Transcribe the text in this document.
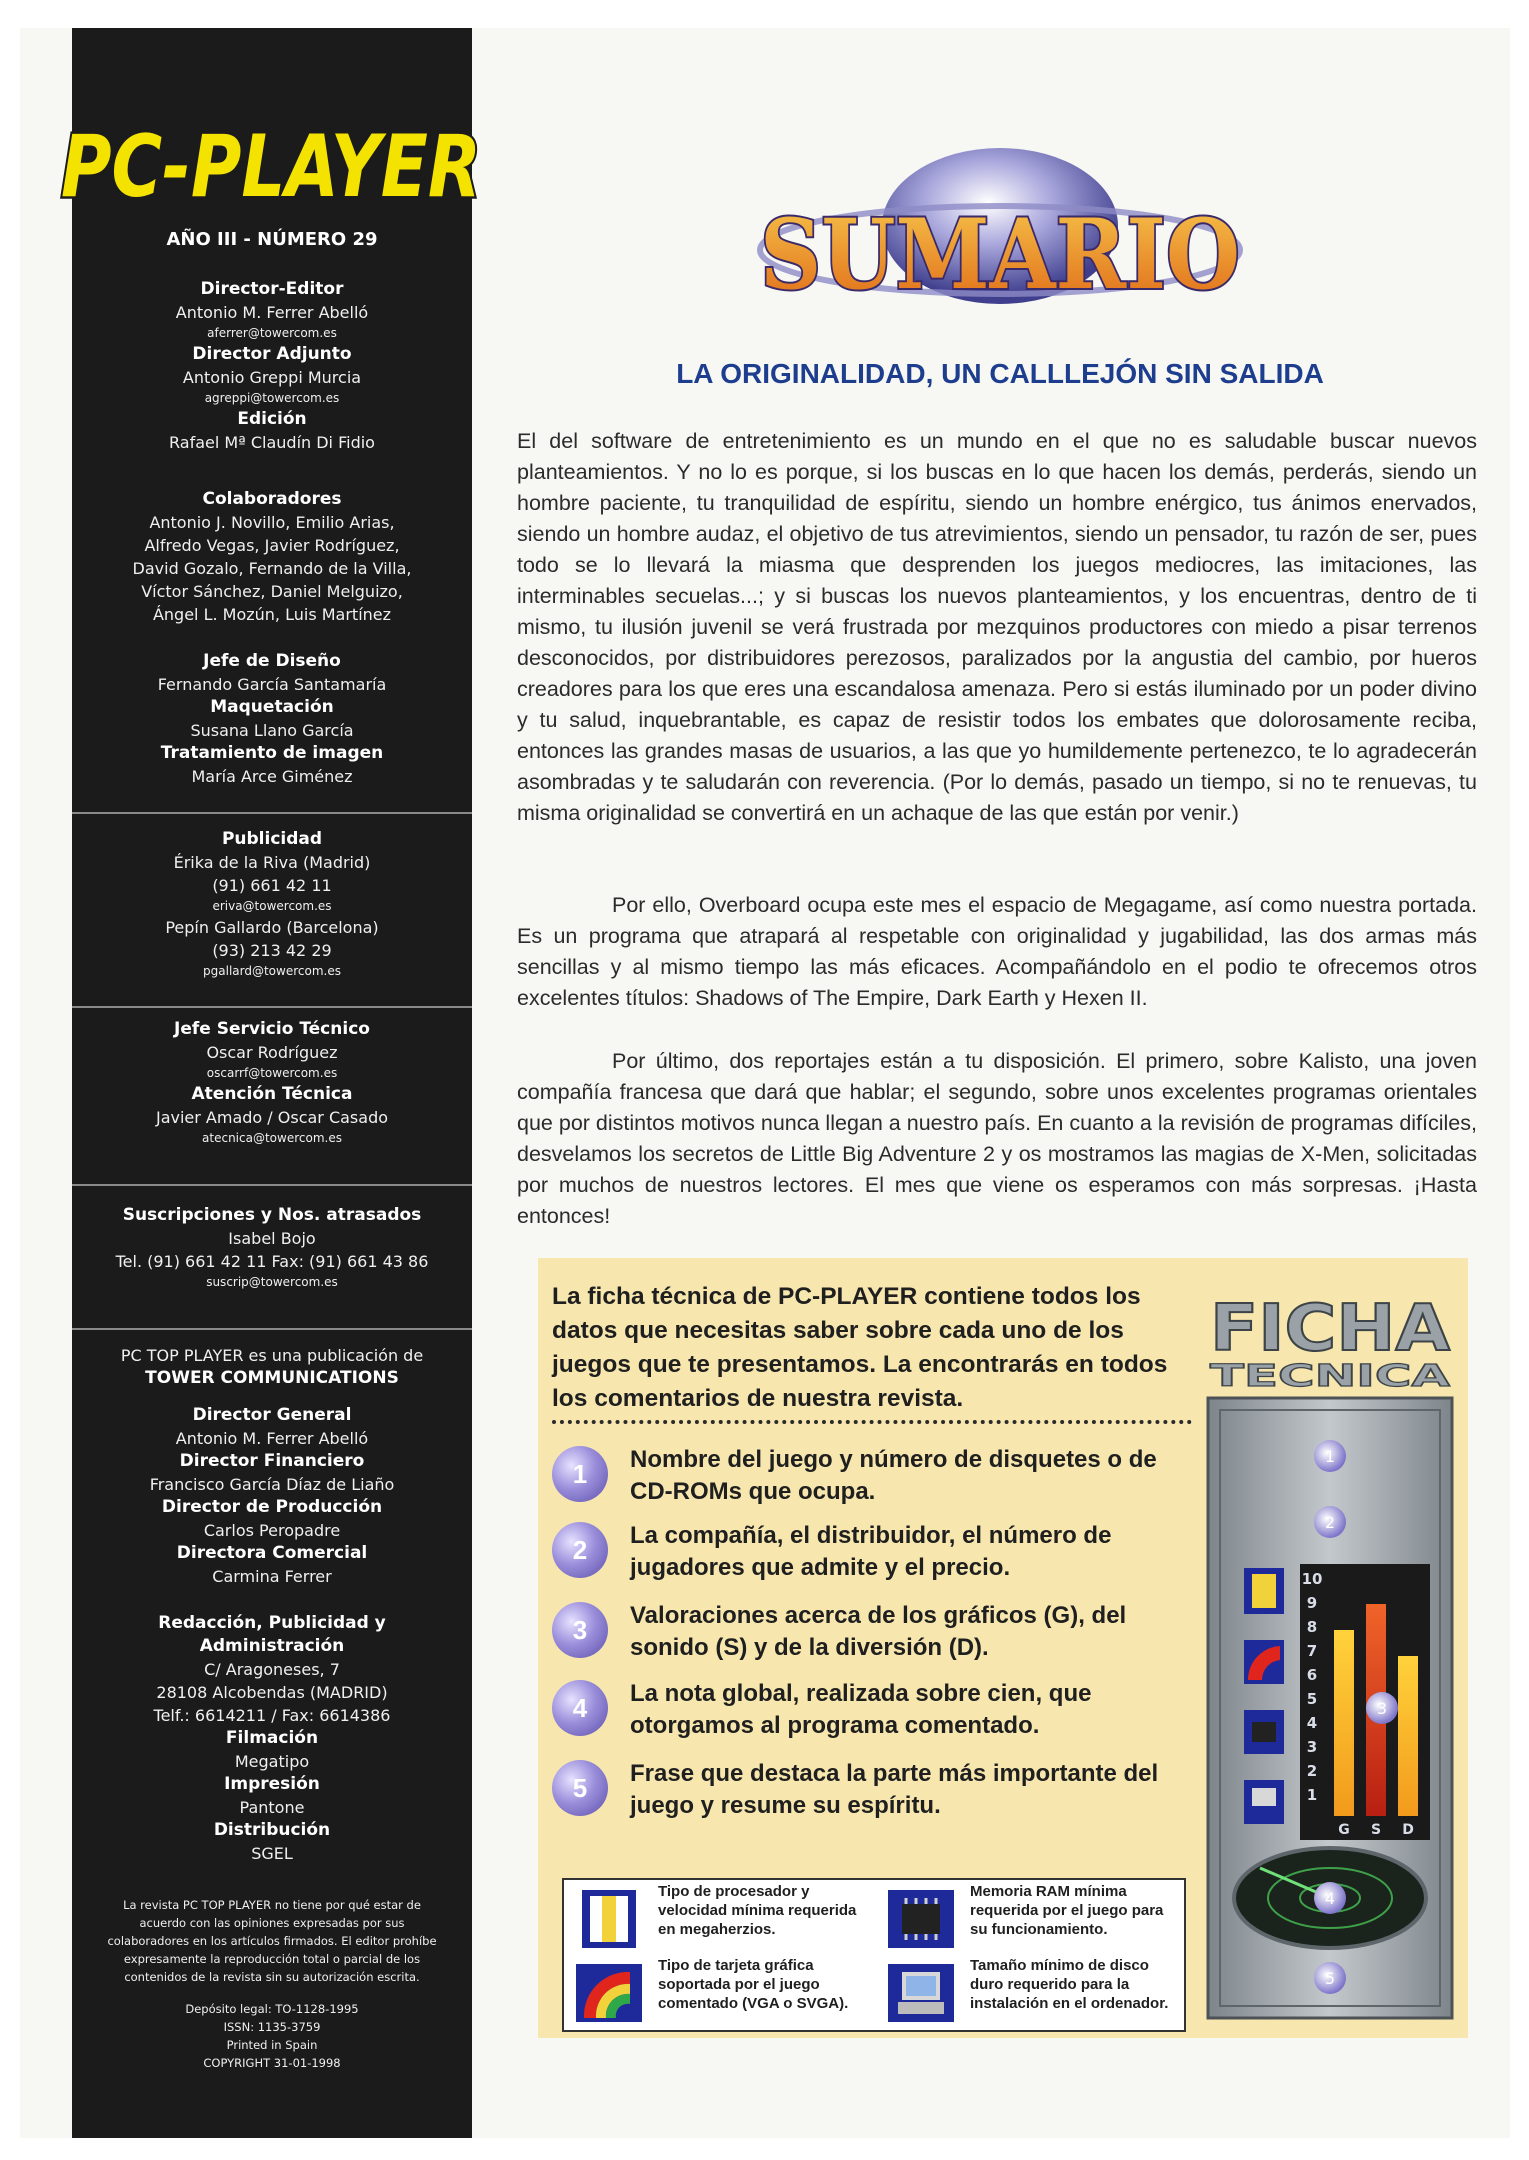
PC-PLAYER

AÑO III - NÚMERO 29

Director-Editor

Antonio M. Ferrer Abelló

aferrer@towercom.es

Director Adjunto

Antonio Greppi Murcia

agreppi@towercom.es

Edición

Rafael Mª Claudín Di Fidio

Colaboradores

Antonio J. Novillo, Emilio Arias,

Alfredo Vegas, Javier Rodríguez,

David Gozalo, Fernando de la Villa,

Víctor Sánchez, Daniel Melguizo,

Ángel L. Mozún, Luis Martínez

Jefe de Diseño

Fernando García Santamaría

Maquetación

Susana Llano García

Tratamiento de imagen

María Arce Giménez

Publicidad

Érika de la Riva (Madrid)

(91) 661 42 11

eriva@towercom.es

Pepín Gallardo (Barcelona)

(93) 213 42 29

pgallard@towercom.es

Jefe Servicio Técnico

Oscar Rodríguez

oscarrf@towercom.es

Atención Técnica

Javier Amado / Oscar Casado

atecnica@towercom.es

Suscripciones y Nos. atrasados

Isabel Bojo

Tel. (91) 661 42 11 Fax: (91) 661 43 86

suscrip@towercom.es

PC TOP PLAYER es una publicación de

TOWER COMMUNICATIONS

Director General

Antonio M. Ferrer Abelló

Director Financiero

Francisco García Díaz de Liaño

Director de Producción

Carlos Peropadre

Directora Comercial

Carmina Ferrer

Redacción, Publicidad y

Administración

C/ Aragoneses, 7

28108 Alcobendas (MADRID)

Telf.: 6614211 / Fax: 6614386

Filmación

Megatipo

Impresión

Pantone

Distribución

SGEL

La revista PC TOP PLAYER no tiene por qué estar de acuerdo con las opiniones expresadas por sus colaboradores en los artículos firmados. El editor prohíbe expresamente la reproducción total o parcial de los contenidos de la revista sin su autorización escrita.

Depósito legal: TO-1128-1995

ISSN: 1135-3759

Printed in Spain

COPYRIGHT 31-01-1998

SUMARIO
LA ORIGINALIDAD, UN CALLLEJÓN SIN SALIDA

El del software de entretenimiento es un mundo en el que no es saludable buscar nuevos planteamientos. Y no lo es porque, si los buscas en lo que hacen los demás, perderás, siendo un hombre paciente, tu tranquilidad de espíritu, siendo un hombre enérgico, tus ánimos enervados, siendo un hombre audaz, el objetivo de tus atrevimientos, siendo un pensador, tu razón de ser, pues todo se lo llevará la miasma que desprenden los juegos mediocres, las imitaciones, las interminables secuelas...; y si buscas los nuevos planteamientos, y los encuentras, dentro de ti mismo, tu ilusión juvenil se verá frustrada por mezquinos productores con miedo a pisar terrenos desconocidos, por distribuidores perezosos, paralizados por la angustia del cambio, por hueros creadores para los que eres una escandalosa amenaza. Pero si estás iluminado por un poder divino y tu salud, inquebrantable, es capaz de resistir todos los embates que dolorosamente reciba, entonces las grandes masas de usuarios, a las que yo humildemente pertenezco, te lo agradecerán asombradas y te saludarán con reverencia. (Por lo demás, pasado un tiempo, si no te renuevas, tu misma originalidad se convertirá en un achaque de las que están por venir.)

Por ello, Overboard ocupa este mes el espacio de Megagame, así como nuestra portada. Es un programa que atrapará al respetable con originalidad y jugabilidad, las dos armas más sencillas y al mismo tiempo las más eficaces. Acompañándolo en el podio te ofrecemos otros excelentes títulos: Shadows of The Empire, Dark Earth y Hexen II.

Por último, dos reportajes están a tu disposición. El primero, sobre Kalisto, una joven compañía francesa que dará que hablar; el segundo, sobre unos excelentes programas orientales que por distintos motivos nunca llegan a nuestro país. En cuanto a la revisión de programas difíciles, desvelamos los secretos de Little Big Adventure 2 y os mostramos las magias de X-Men, solicitadas por muchos de nuestros lectores. El mes que viene os esperamos con más sorpresas. ¡Hasta entonces!

La ficha técnica de PC-PLAYER contiene todos los datos que necesitas saber sobre cada uno de los juegos que te presentamos. La encontrarás en todos los comentarios de nuestra revista.

1	Nombre del juego y número de disquetes o de CD-ROMs que ocupa.

2	La compañía, el distribuidor, el número de jugadores que admite y el precio.

3	Valoraciones acerca de los gráficos (G), del sonido (S) y de la diversión (D).

4	La nota global, realizada sobre cien, que otorgamos al programa comentado.

5	Frase que destaca la parte más importante del juego y resume su espíritu.

Tipo de procesador y velocidad mínima requerida en megaherzios.

Memoria RAM mínima requerida por el juego para su funcionamiento.

Tipo de tarjeta gráfica soportada por el juego comentado (VGA o SVGA).

Tamaño mínimo de disco duro requerido para la instalación en el ordenador.

FICHA
TECNICA
1
2
10
9
8
7
6
5
4
3
2
1
G S D
3
4
5
